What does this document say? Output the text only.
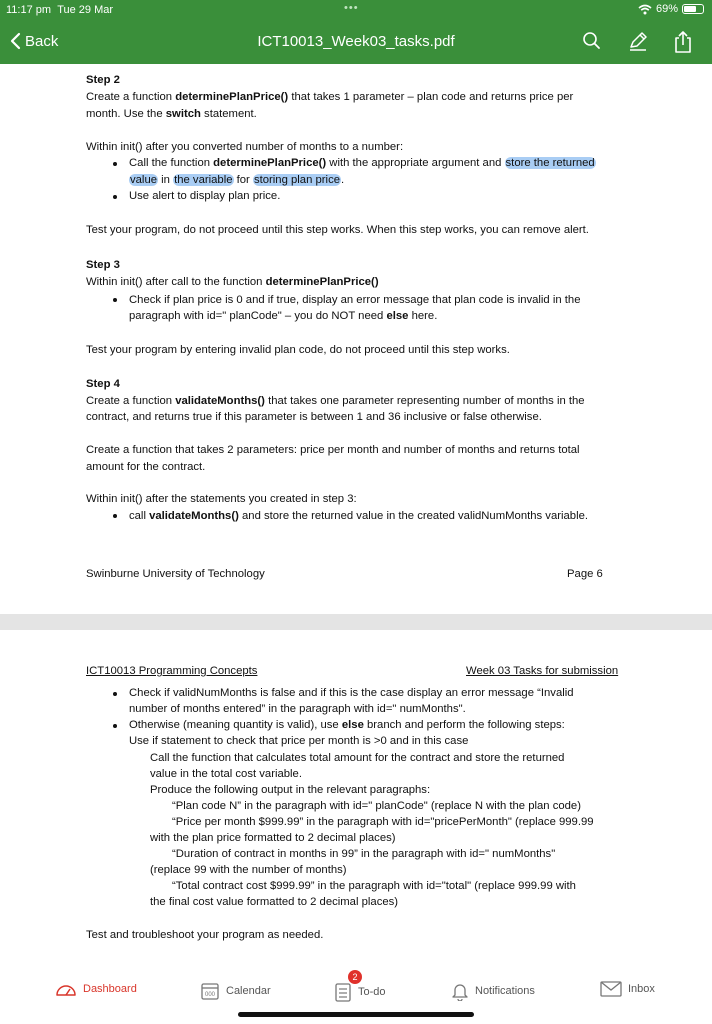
11:17 pm Tue 29 Mar	•••	69%
Back	ICT10013_Week03_tasks.pdf
Step 2
Create a function determinePlanPrice() that takes 1 parameter – plan code and returns price per
month. Use the switch statement.
Within init() after you converted number of months to a number:
Call the function determinePlanPrice() with the appropriate argument and store the returned
value in the variable for storing plan price.
Use alert to display plan price.
Test your program, do not proceed until this step works. When this step works, you can remove alert.
Step 3
Within init() after call to the function determinePlanPrice()
Check if plan price is 0 and if true, display an error message that plan code is invalid in the
paragraph with id=" planCode" – you do NOT need else here.
Test your program by entering invalid plan code, do not proceed until this step works.
Step 4
Create a function validateMonths() that takes one parameter representing number of months in the
contract, and returns true if this parameter is between 1 and 36 inclusive or false otherwise.
Create a function that takes 2 parameters: price per month and number of months and returns total
amount for the contract.
Within init() after the statements you created in step 3:
call validateMonths() and store the returned value in the created validNumMonths variable.
Swinburne University of Technology	Page 6
ICT10013 Programming Concepts	Week 03 Tasks for submission
Check if validNumMonths is false and if this is the case display an error message “Invalid
number of months entered” in the paragraph with id=" numMonths".
Otherwise (meaning quantity is valid), use else branch and perform the following steps:
Use if statement to check that price per month is >0 and in this case
Call the function that calculates total amount for the contract and store the returned
value in the total cost variable.
Produce the following output in the relevant paragraphs:
“Plan code N” in the paragraph with id=" planCode" (replace N with the plan code)
“Price per month $999.99” in the paragraph with id="pricePerMonth" (replace 999.99
with the plan price formatted to 2 decimal places)
“Duration of contract in months in 99” in the paragraph with id=" numMonths"
(replace 99 with the number of months)
“Total contract cost $999.99” in the paragraph with id="total" (replace 999.99 with
the final cost value formatted to 2 decimal places)
Test and troubleshoot your program as needed.
Dashboard	000 Calendar
2
To-do	Notifications	Inbox
